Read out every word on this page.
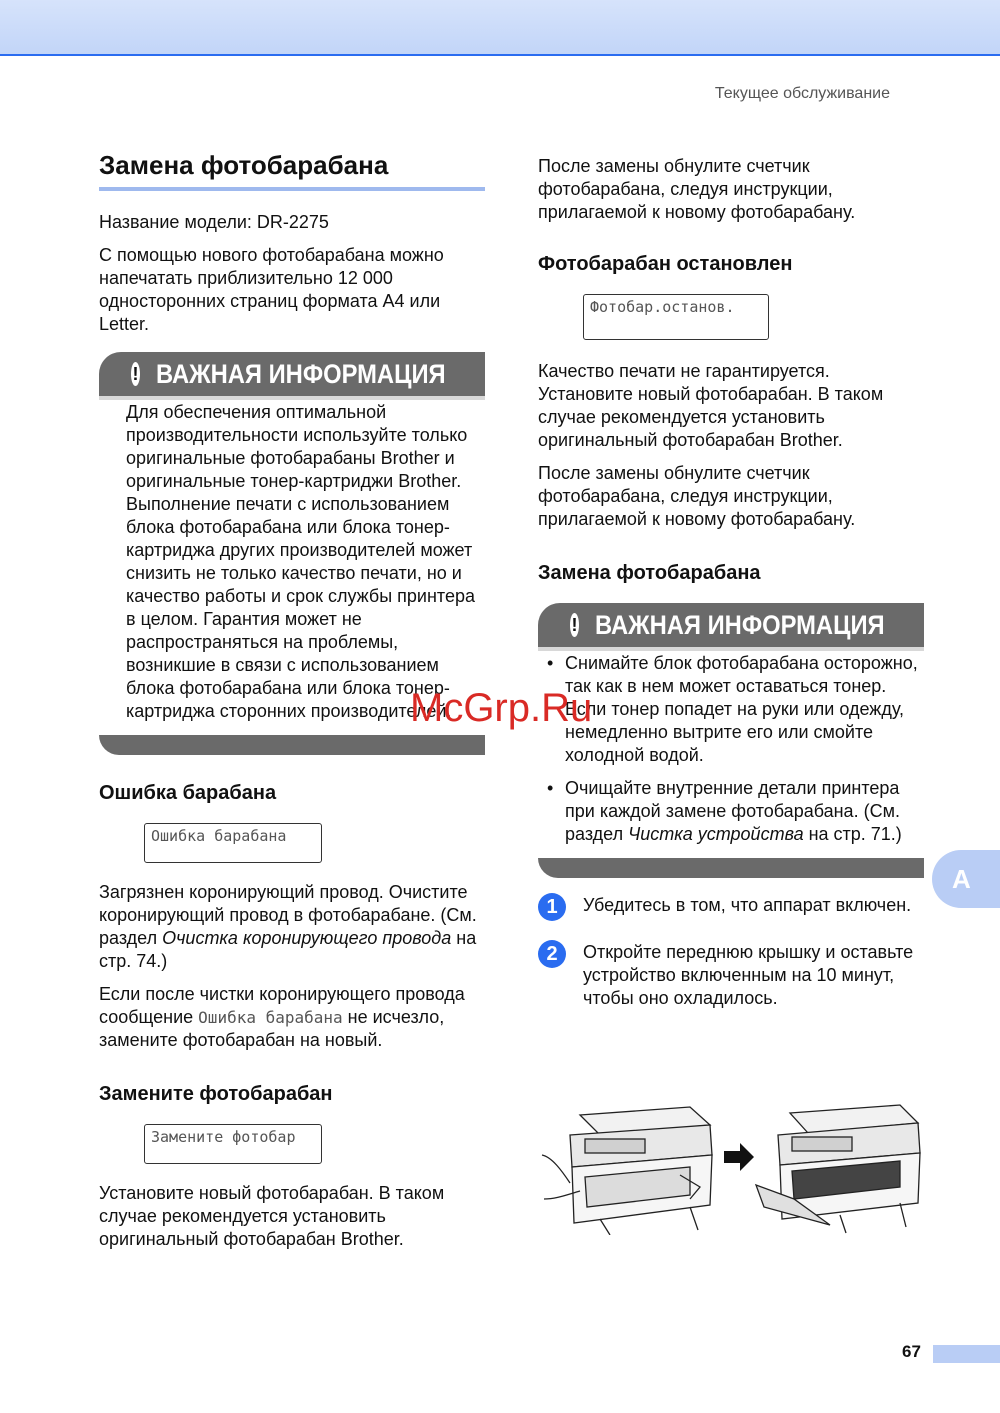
Текущее обслуживание
Замена фотобарабана

Название модели: DR-2275

С помощью нового фотобарабана можно напечатать приблизительно 12 000 односторонних страниц формата A4 или Letter.

! ВАЖНАЯ ИНФОРМАЦИЯ
Для обеспечения оптимальной производительности используйте только оригинальные фотобарабаны Brother и оригинальные тонер-картриджи Brother. Выполнение печати с использованием блока фотобарабана или блока тонер-картриджа других производителей может снизить не только качество печати, но и качество работы и срок службы принтера в целом. Гарантия может не распространяться на проблемы, возникшие в связи с использованием блока фотобарабана или блока тонер-картриджа сторонних производителей.
Ошибка барабана
Ошибка барабана

Загрязнен коронирующий провод. Очистите коронирующий провод в фотобарабане. (См. раздел Очистка коронирующего провода на стр. 74.)

Если после чистки коронирующего провода сообщение Ошибка барабана не исчезло, замените фотобарабан на новый.

Замените фотобарабан
Замените фотобар

Установите новый фотобарабан. В таком случае рекомендуется установить оригинальный фотобарабан Brother.

После замены обнулите счетчик фотобарабана, следуя инструкции, прилагаемой к новому фотобарабану.

Фотобарабан остановлен
Фотобар.останов.

Качество печати не гарантируется. Установите новый фотобарабан. В таком случае рекомендуется установить оригинальный фотобарабан Brother.

После замены обнулите счетчик фотобарабана, следуя инструкции, прилагаемой к новому фотобарабану.

Замена фотобарабана
! ВАЖНАЯ ИНФОРМАЦИЯ
• Снимайте блок фотобарабана осторожно, так как в нем может оставаться тонер. Если тонер попадет на руки или одежду, немедленно вытрите его или смойте холодной водой.
• Очищайте внутренние детали принтера при каждой замене фотобарабана. (См. раздел Чистка устройства на стр. 71.)
1	Убедитесь в том, что аппарат включен.
2	Откройте переднюю крышку и оставьте устройство включенным на 10 минут, чтобы оно охладилось.
McGrp.Ru
A
67
